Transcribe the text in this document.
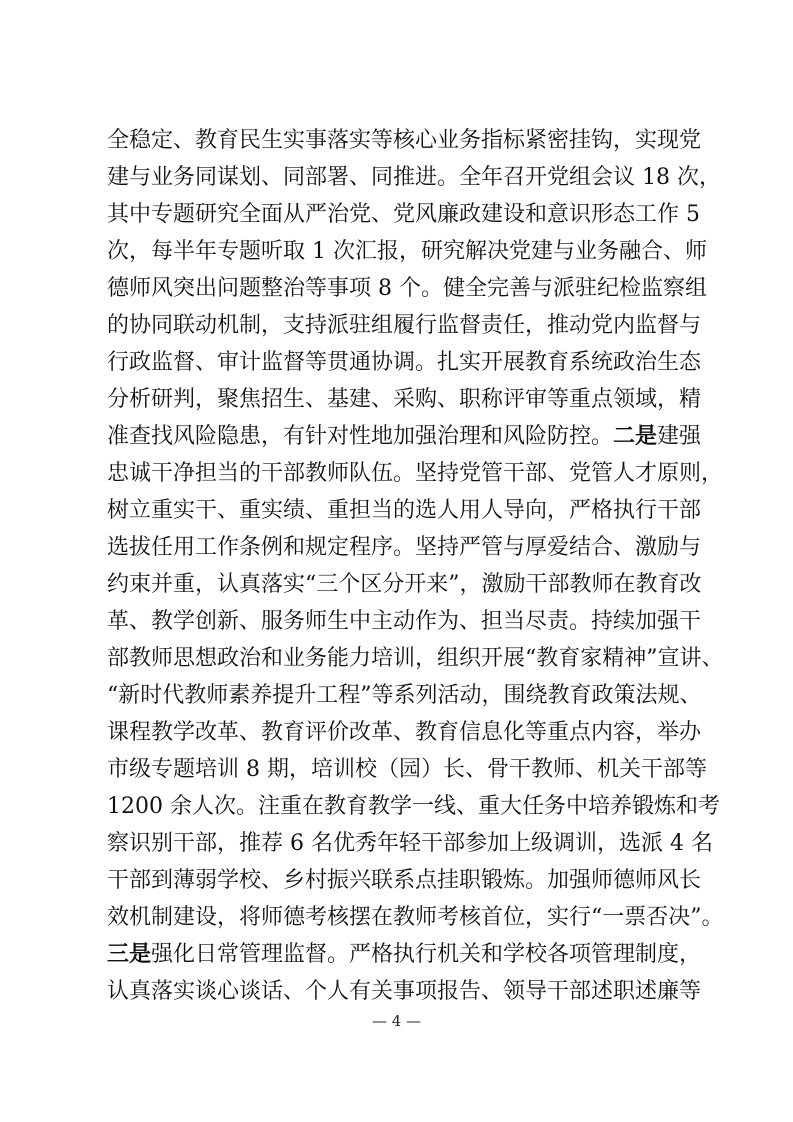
全稳定、教育民生实事落实等核心业务指标紧密挂钩，实现党
建与业务同谋划、同部署、同推进。全年召开党组会议 18 次，
其中专题研究全面从严治党、党风廉政建设和意识形态工作 5
次，每半年专题听取 1 次汇报，研究解决党建与业务融合、师
德师风突出问题整治等事项 8 个。健全完善与派驻纪检监察组
的协同联动机制，支持派驻组履行监督责任，推动党内监督与
行政监督、审计监督等贯通协调。扎实开展教育系统政治生态
分析研判，聚焦招生、基建、采购、职称评审等重点领域，精
准查找风险隐患，有针对性地加强治理和风险防控。二是建强
忠诚干净担当的干部教师队伍。坚持党管干部、党管人才原则，
树立重实干、重实绩、重担当的选人用人导向，严格执行干部
选拔任用工作条例和规定程序。坚持严管与厚爱结合、激励与
约束并重，认真落实“三个区分开来”，激励干部教师在教育改
革、教学创新、服务师生中主动作为、担当尽责。持续加强干
部教师思想政治和业务能力培训，组织开展“教育家精神”宣讲、
“新时代教师素养提升工程”等系列活动，围绕教育政策法规、
课程教学改革、教育评价改革、教育信息化等重点内容，举办
市级专题培训 8 期，培训校（园）长、骨干教师、机关干部等
1200 余人次。注重在教育教学一线、重大任务中培养锻炼和考
察识别干部，推荐 6 名优秀年轻干部参加上级调训，选派 4 名
干部到薄弱学校、乡村振兴联系点挂职锻炼。加强师德师风长
效机制建设，将师德考核摆在教师考核首位，实行“一票否决”。
三是强化日常管理监督。严格执行机关和学校各项管理制度，
认真落实谈心谈话、个人有关事项报告、领导干部述职述廉等
— 4 —
